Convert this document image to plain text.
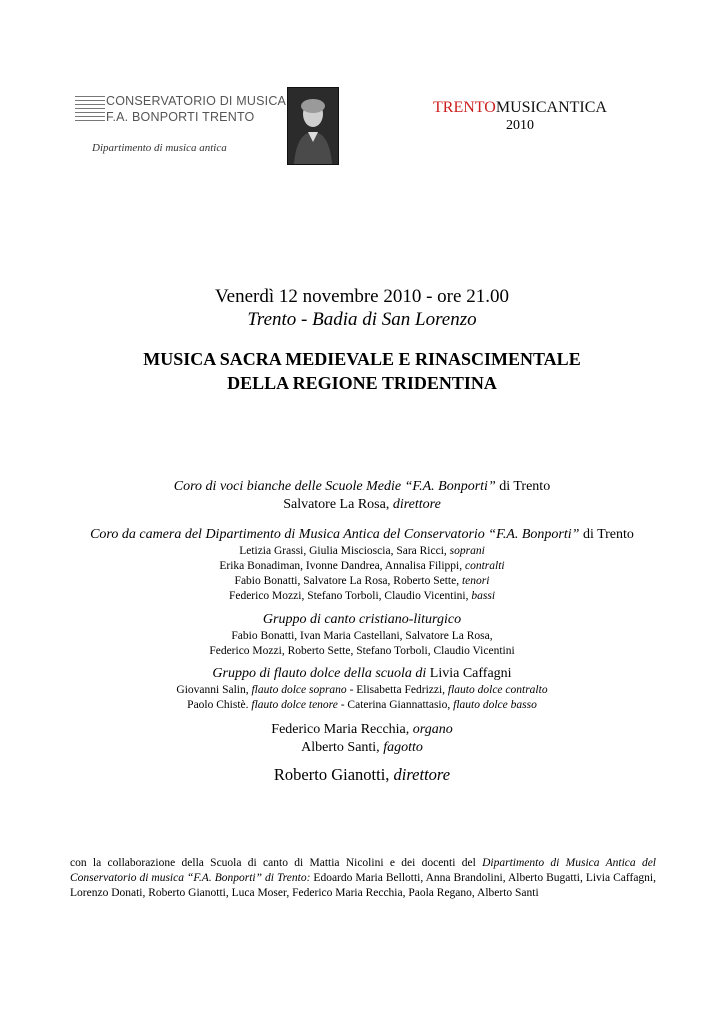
CONSERVATORIO DI MUSICA
F.A. BONPORTI TRENTO
Dipartimento di musica antica
TRENTOMUSICANTICA
2010
Venerdì 12 novembre 2010 - ore 21.00
Trento - Badia di San Lorenzo
MUSICA SACRA MEDIEVALE E RINASCIMENTALE
DELLA REGIONE TRIDENTINA
Coro di voci bianche delle Scuole Medie “F.A. Bonporti” di Trento
Salvatore La Rosa, direttore
Coro da camera del Dipartimento di Musica Antica del Conservatorio “F.A. Bonporti” di Trento
Letizia Grassi, Giulia Miscioscia, Sara Ricci, soprani
Erika Bonadiman, Ivonne Dandrea, Annalisa Filippi, contralti
Fabio Bonatti, Salvatore La Rosa, Roberto Sette, tenori
Federico Mozzi, Stefano Torboli, Claudio Vicentini, bassi
Gruppo di canto cristiano-liturgico
Fabio Bonatti, Ivan Maria Castellani, Salvatore La Rosa,
Federico Mozzi, Roberto Sette, Stefano Torboli, Claudio Vicentini
Gruppo di flauto dolce della scuola di Livia Caffagni
Giovanni Salin, flauto dolce soprano - Elisabetta Fedrizzi, flauto dolce contralto
Paolo Chistè. flauto dolce tenore - Caterina Giannattasio, flauto dolce basso
Federico Maria Recchia, organo
Alberto Santi, fagotto
Roberto Gianotti, direttore
con la collaborazione della Scuola di canto di Mattia Nicolini e dei docenti del Dipartimento di Musica Antica del Conservatorio di musica “F.A. Bonporti” di Trento: Edoardo Maria Bellotti, Anna Brandolini, Alberto Bugatti, Livia Caffagni, Lorenzo Donati, Roberto Gianotti, Luca Moser, Federico Maria Recchia, Paola Regano, Alberto Santi
